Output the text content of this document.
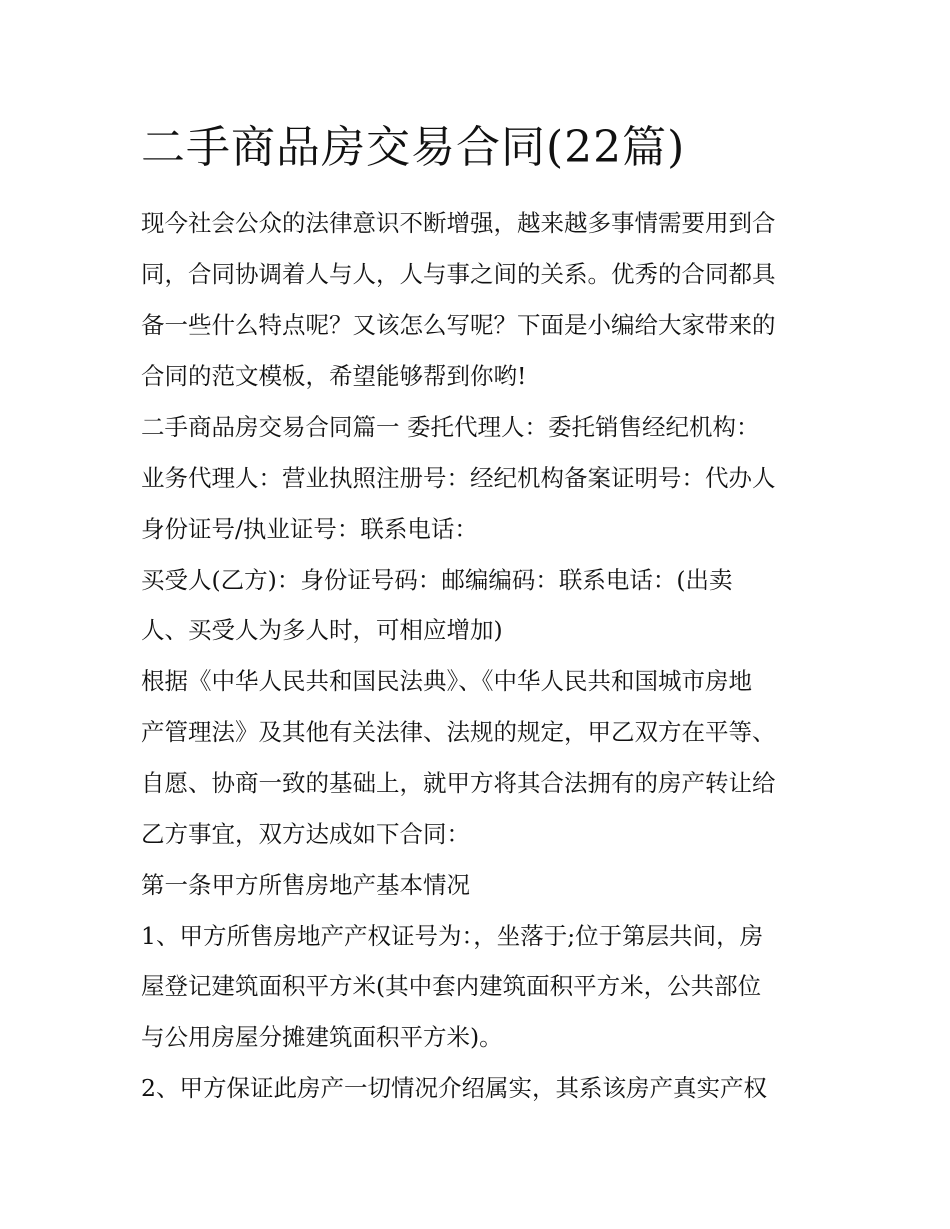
二手商品房交易合同(22篇)

现今社会公众的法律意识不断增强，越来越多事情需要用到合

同，合同协调着人与人，人与事之间的关系。优秀的合同都具

备一些什么特点呢？又该怎么写呢？下面是小编给大家带来的

合同的范文模板，希望能够帮到你哟!

二手商品房交易合同篇一 委托代理人：委托销售经纪机构：

业务代理人：营业执照注册号：经纪机构备案证明号：代办人

身份证号/执业证号：联系电话：

买受人(乙方)：身份证号码：邮编编码：联系电话：(出卖

人、买受人为多人时，可相应增加)

根据《中华人民共和国民法典》、《中华人民共和国城市房地

产管理法》及其他有关法律、法规的规定，甲乙双方在平等、

自愿、协商一致的基础上，就甲方将其合法拥有的房产转让给

乙方事宜，双方达成如下合同：

第一条甲方所售房地产基本情况

1、甲方所售房地产产权证号为：，坐落于;位于第层共间，房

屋登记建筑面积平方米(其中套内建筑面积平方米，公共部位

与公用房屋分摊建筑面积平方米)。

2、甲方保证此房产一切情况介绍属实，其系该房产真实产权
